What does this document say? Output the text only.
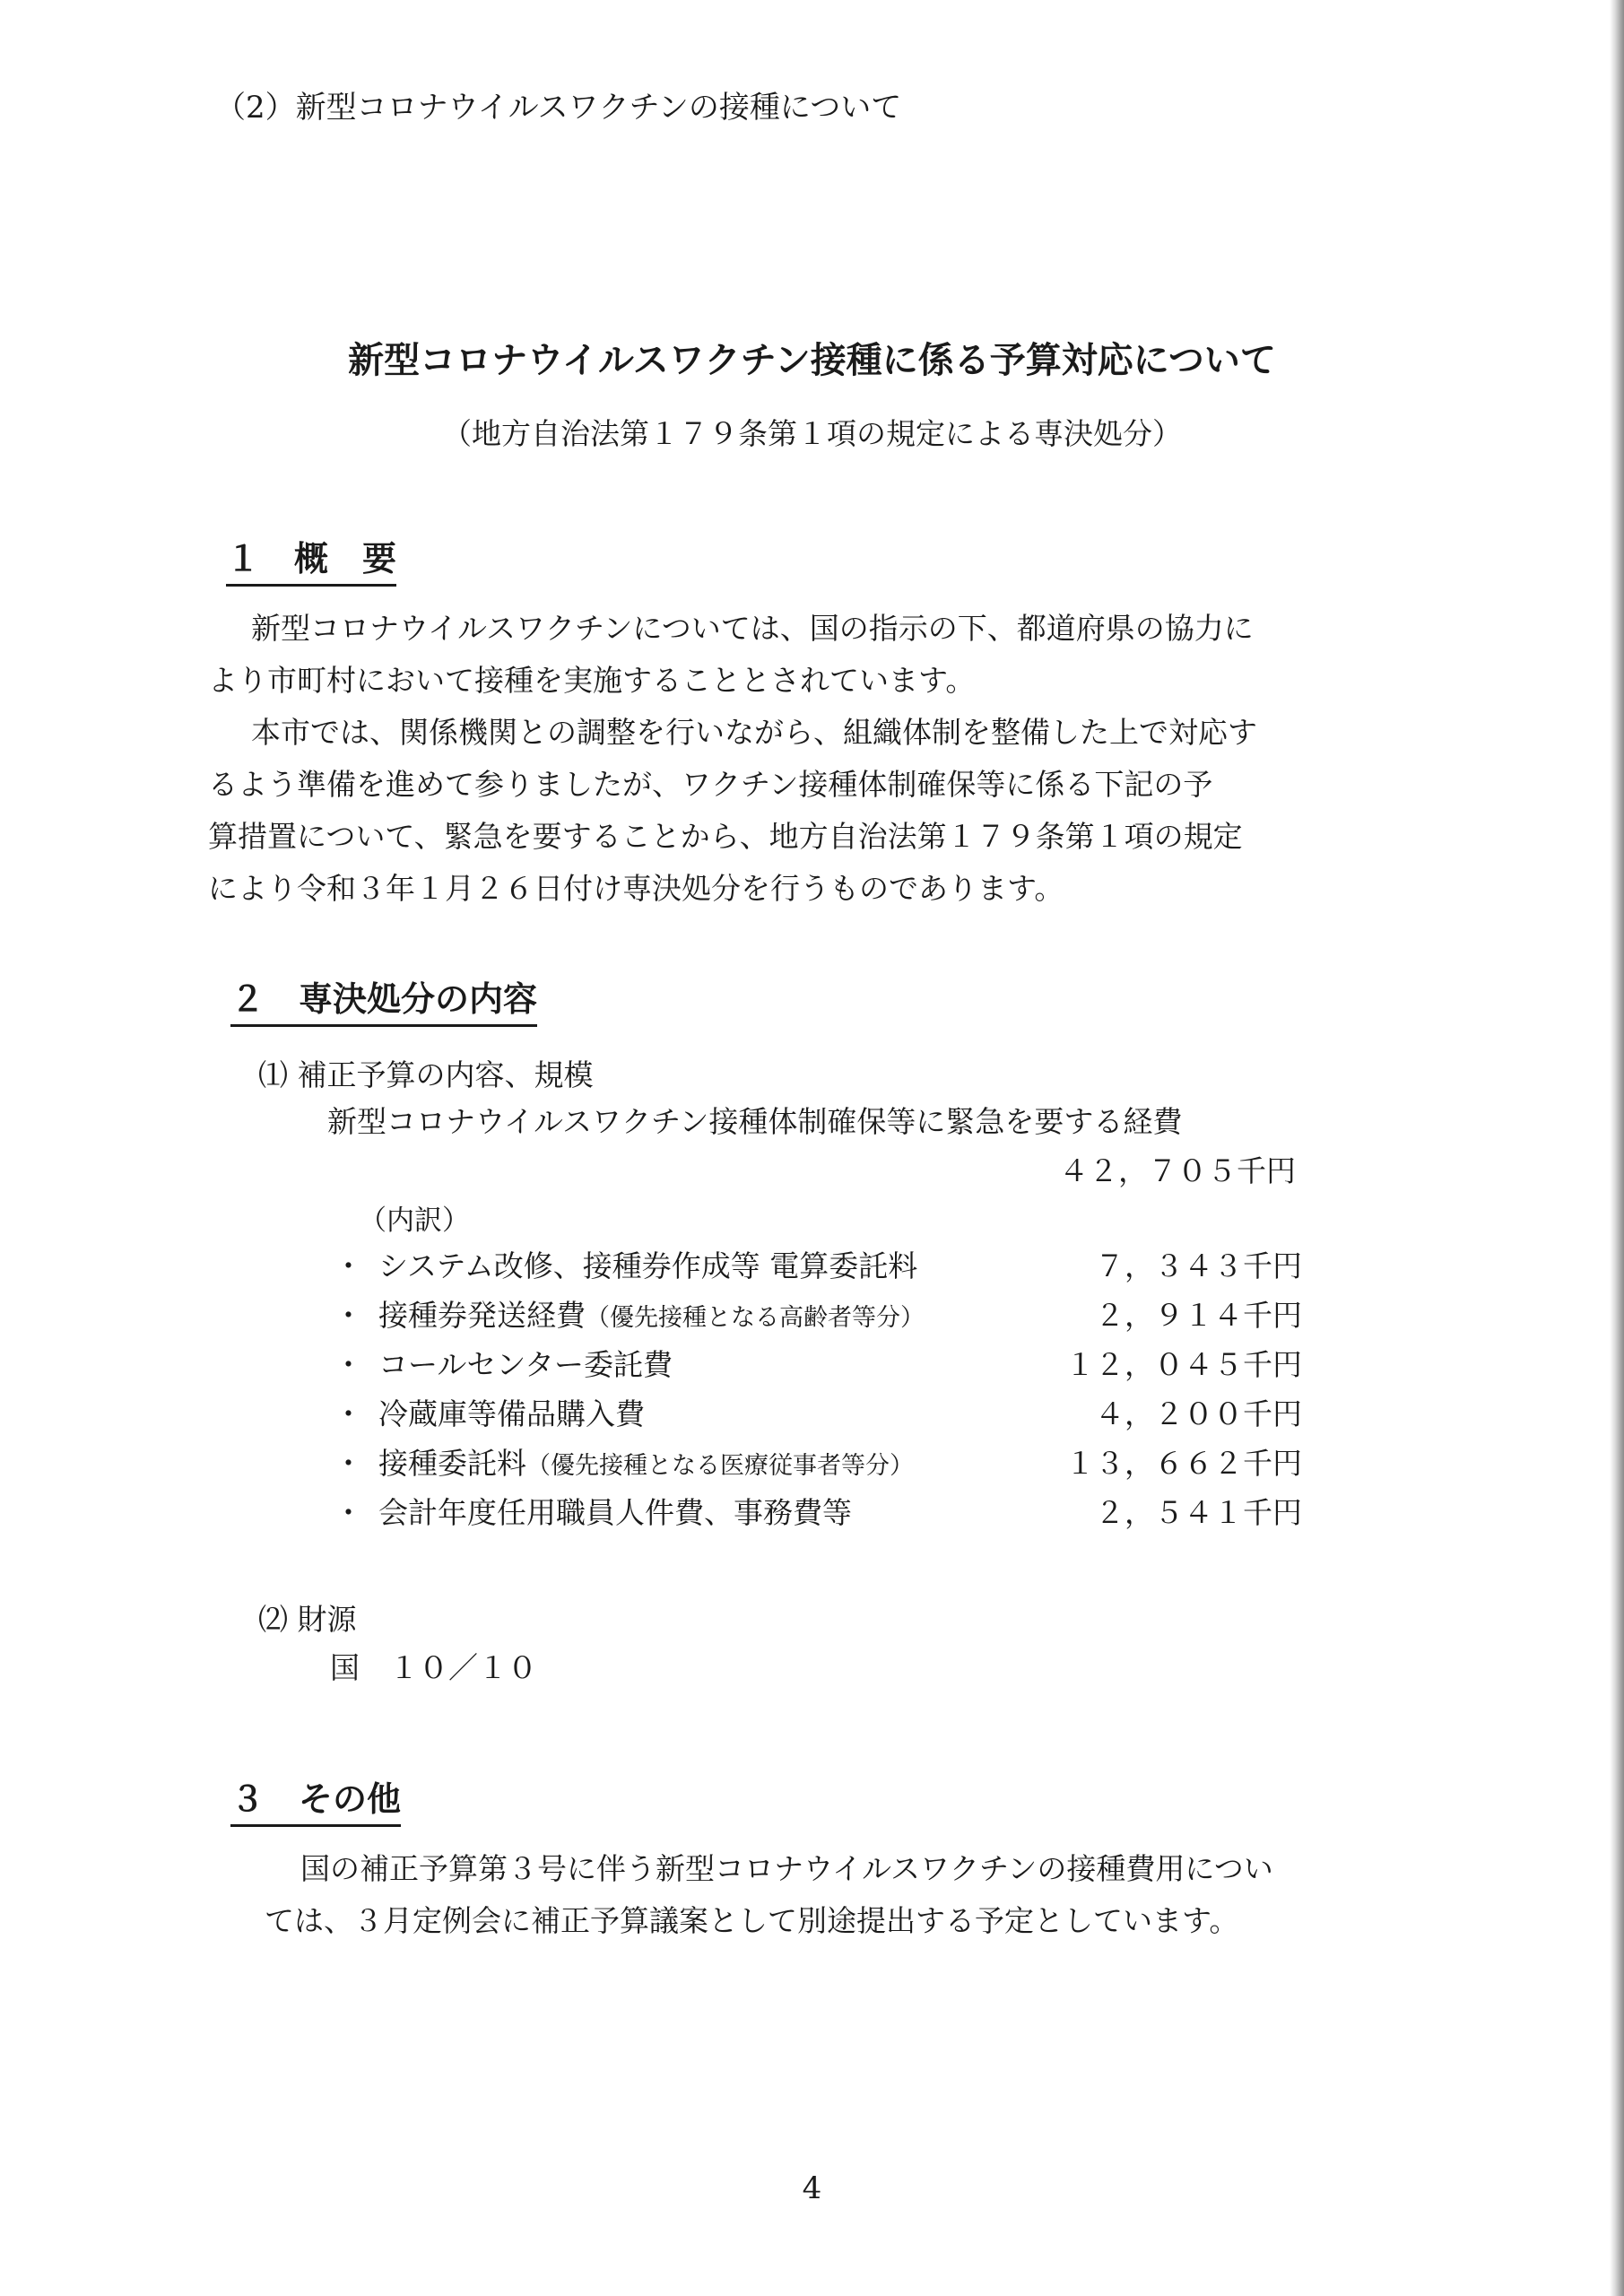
（2）新型コロナウイルスワクチンの接種について
新型コロナウイルスワクチン接種に係る予算対応について
（地方自治法第１７９条第１項の規定による専決処分）
１　概　要
新型コロナウイルスワクチンについては、国の指示の下、都道府県の協力に
より市町村において接種を実施することとされています。
本市では、関係機関との調整を行いながら、組織体制を整備した上で対応す
るよう準備を進めて参りましたが、ワクチン接種体制確保等に係る下記の予
算措置について、緊急を要することから、地方自治法第１７９条第１項の規定
により令和３年１月２６日付け専決処分を行うものであります。
２　専決処分の内容
⑴ 補正予算の内容、規模
新型コロナウイルスワクチン接種体制確保等に緊急を要する経費
４２，７０５千円
（内訳）
・ システム改修、接種券作成等 電算委託料	７，３４３千円
・ 接種券発送経費（優先接種となる高齢者等分）	２，９１４千円
・ コールセンター委託費	１２，０４５千円
・ 冷蔵庫等備品購入費	４，２００千円
・ 接種委託料（優先接種となる医療従事者等分）	１３，６６２千円
・ 会計年度任用職員人件費、事務費等	２，５４１千円
⑵ 財源
国　１０／１０
３　その他
国の補正予算第３号に伴う新型コロナウイルスワクチンの接種費用につい
ては、３月定例会に補正予算議案として別途提出する予定としています。
4
